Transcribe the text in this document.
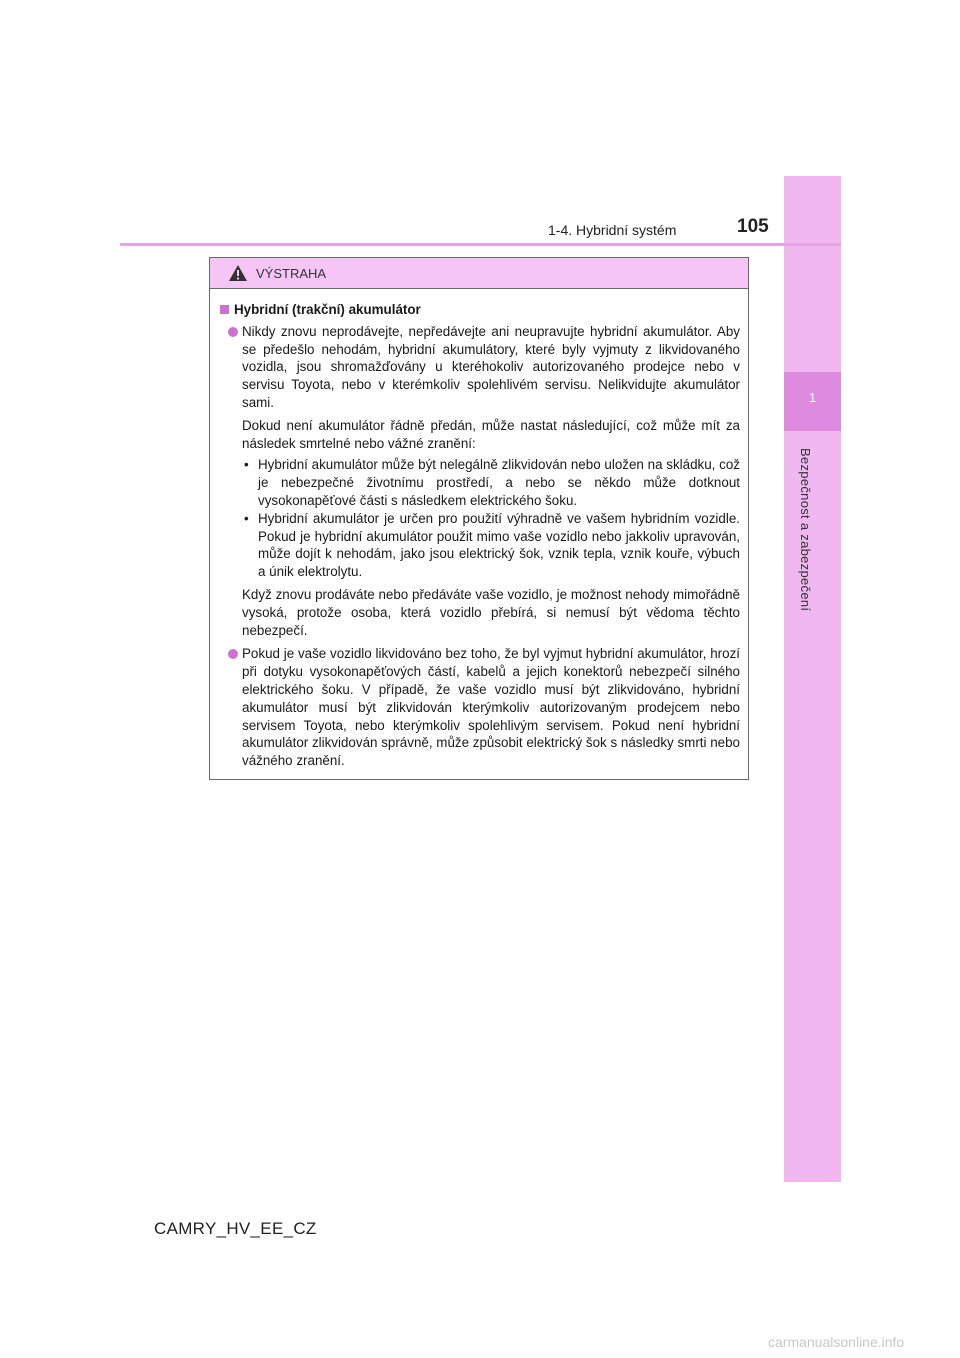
1
Bezpečnost a zabezpečení
1-4. Hybridní systém	105
VÝSTRAHA
Hybridní (trakční) akumulátor
Nikdy znovu neprodávejte, nepředávejte ani neupravujte hybridní akumulátor. Aby se předešlo nehodám, hybridní akumulátory, které byly vyjmuty z likvidovaného vozidla, jsou shromažďovány u kteréhokoliv autorizovaného prodejce nebo v servisu Toyota, nebo v kterémkoliv spolehlivém servisu. Nelikvidujte akumulátor sami.
Dokud není akumulátor řádně předán, může nastat následující, což může mít za následek smrtelné nebo vážné zranění:
• Hybridní akumulátor může být nelegálně zlikvidován nebo uložen na skládku, což je nebezpečné životnímu prostředí, a nebo se někdo může dotknout vysokonapěťové části s následkem elektrického šoku.
• Hybridní akumulátor je určen pro použití výhradně ve vašem hybridním vozidle. Pokud je hybridní akumulátor použit mimo vaše vozidlo nebo jakkoliv upravován, může dojít k nehodám, jako jsou elektrický šok, vznik tepla, vznik kouře, výbuch a únik elektrolytu.
Když znovu prodáváte nebo předáváte vaše vozidlo, je možnost nehody mimořádně vysoká, protože osoba, která vozidlo přebírá, si nemusí být vědoma těchto nebezpečí.
Pokud je vaše vozidlo likvidováno bez toho, že byl vyjmut hybridní akumulátor, hrozí při dotyku vysokonapěťových částí, kabelů a jejich konektorů nebezpečí silného elektrického šoku. V případě, že vaše vozidlo musí být zlikvidováno, hybridní akumulátor musí být zlikvidován kterýmkoliv autorizovaným prodejcem nebo servisem Toyota, nebo kterýmkoliv spolehlivým servisem. Pokud není hybridní akumulátor zlikvidován správně, může způsobit elektrický šok s následky smrti nebo vážného zranění.
CAMRY_HV_EE_CZ
carmanualsonline.info
